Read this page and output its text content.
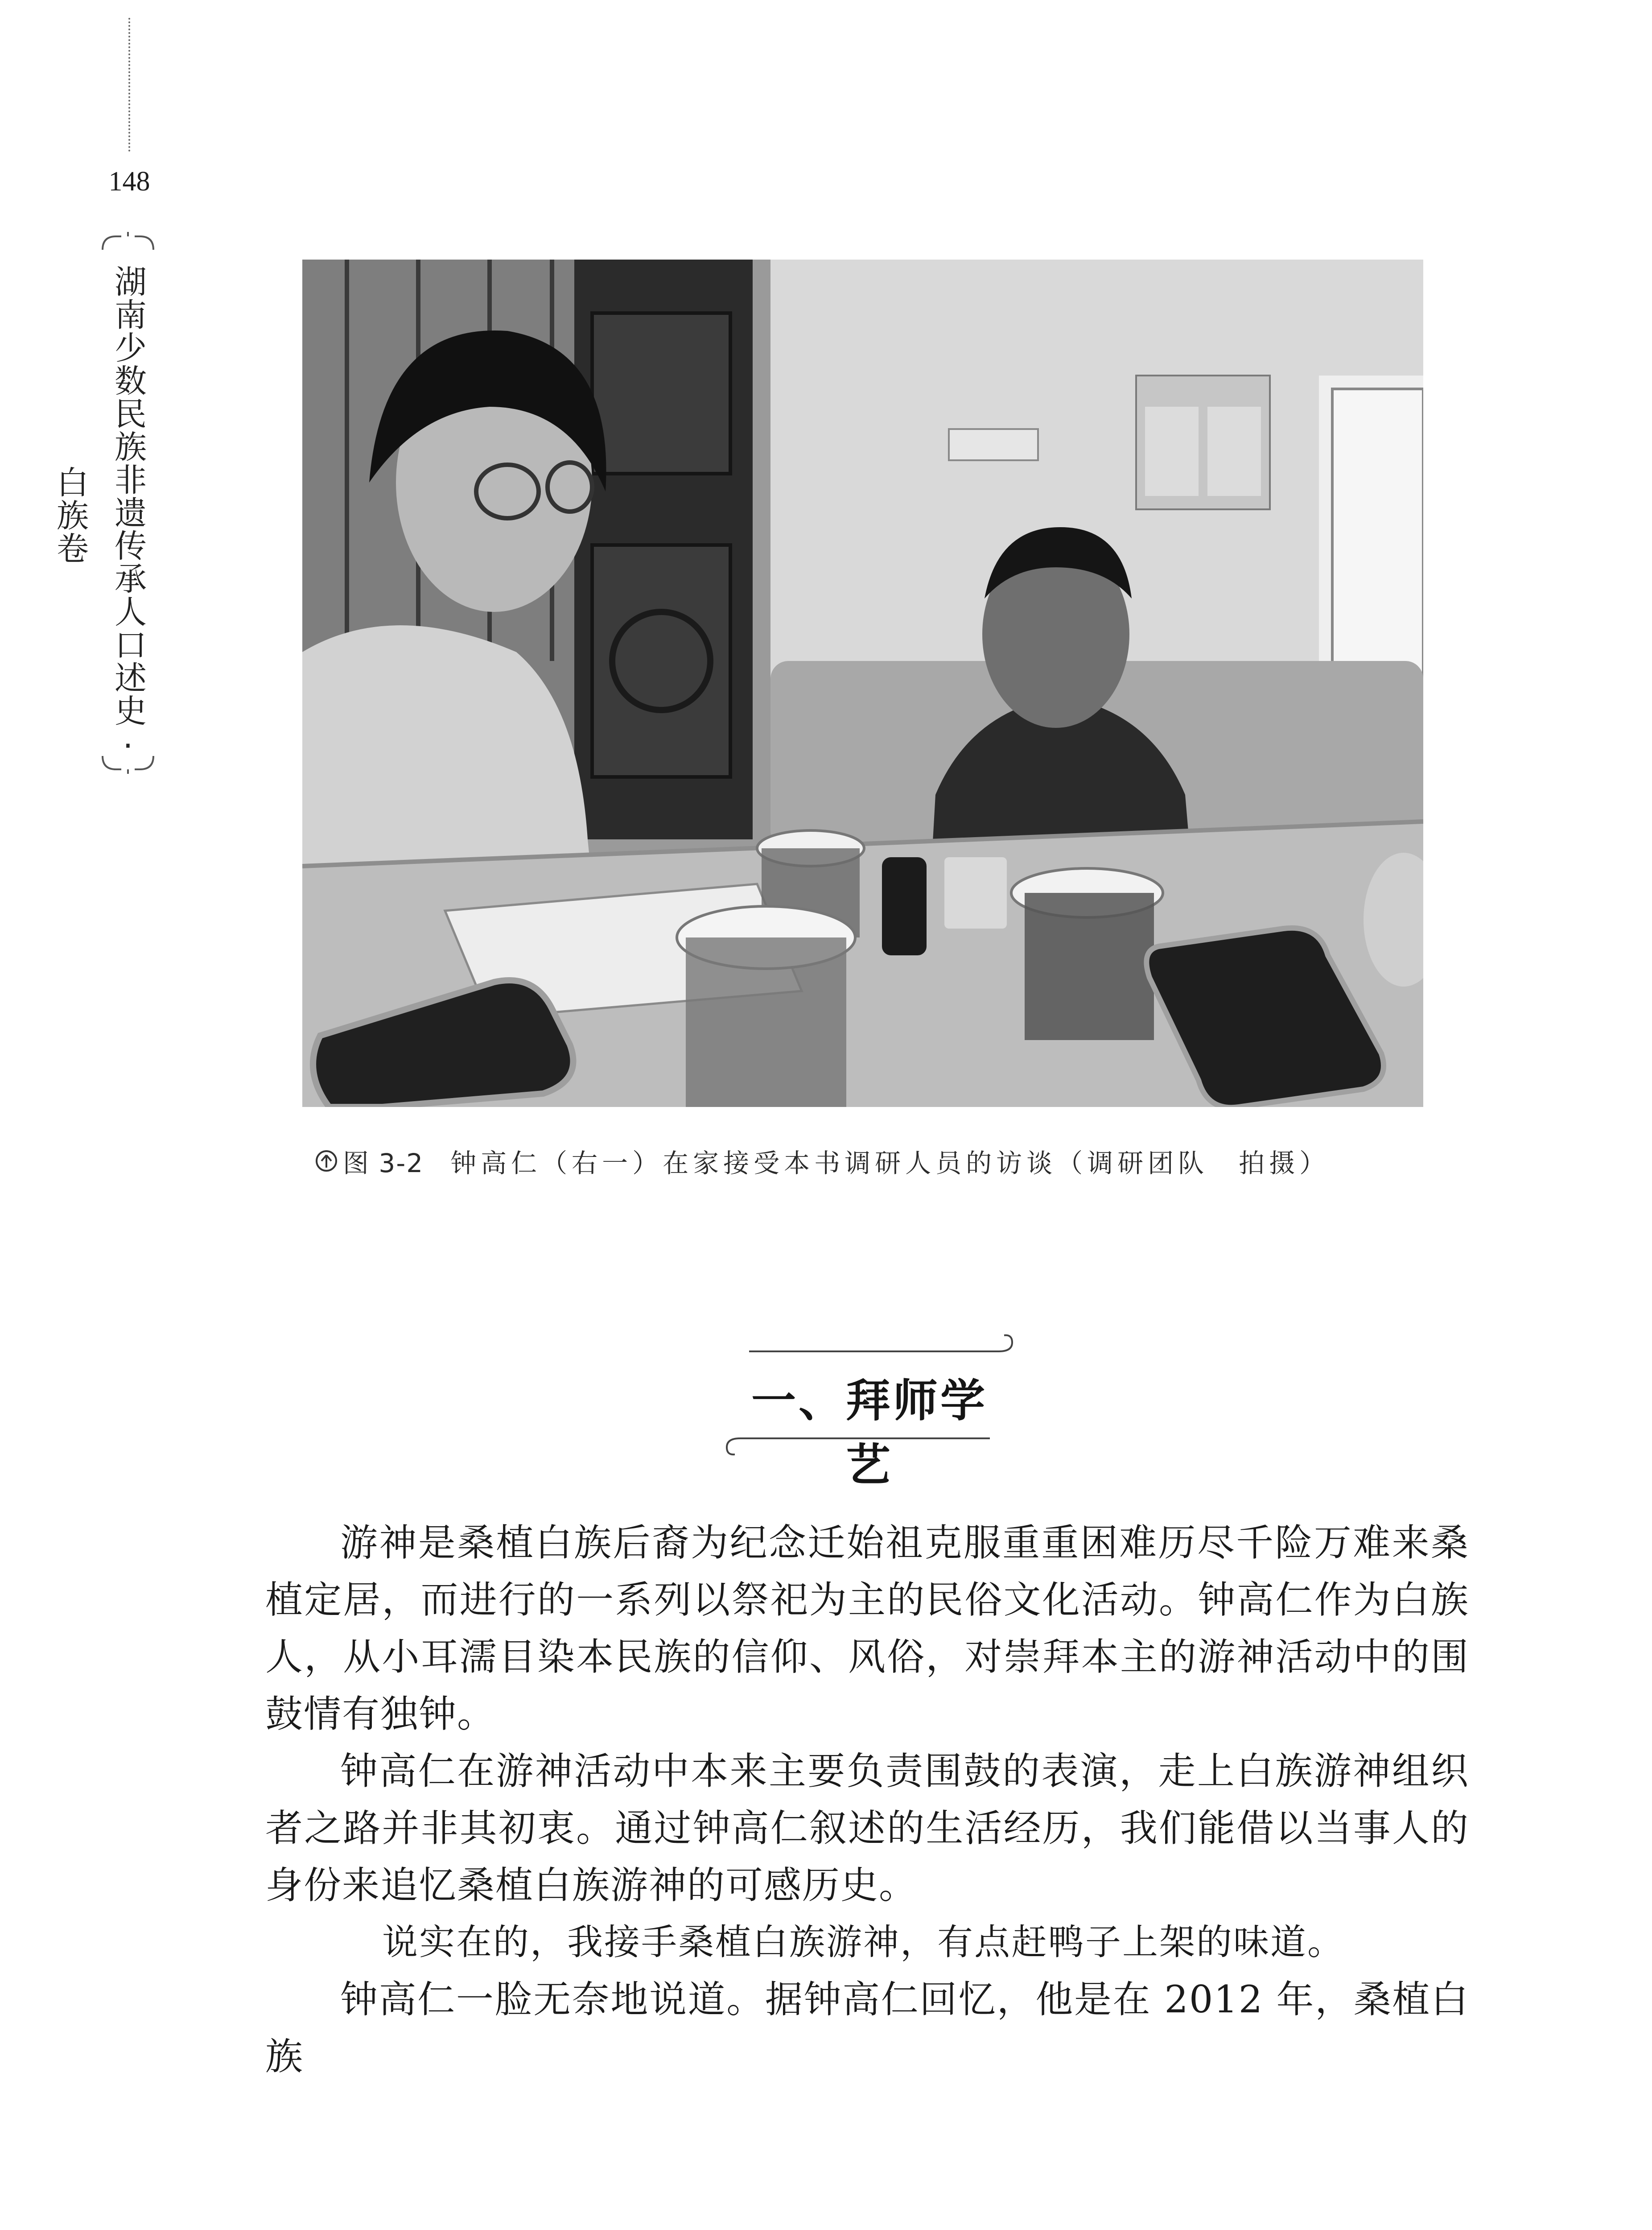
148
湖南少数民族非遗传承人口述史·白族卷
图 3-2 钟高仁（右一）在家接受本书调研人员的访谈（调研团队　拍摄）
一、拜师学艺

游神是桑植白族后裔为纪念迁始祖克服重重困难历尽千险万难来桑植定居，而进行的一系列以祭祀为主的民俗文化活动。钟高仁作为白族人，从小耳濡目染本民族的信仰、风俗，对崇拜本主的游神活动中的围鼓情有独钟。

钟高仁在游神活动中本来主要负责围鼓的表演，走上白族游神组织者之路并非其初衷。通过钟高仁叙述的生活经历，我们能借以当事人的身份来追忆桑植白族游神的可感历史。

说实在的，我接手桑植白族游神，有点赶鸭子上架的味道。

钟高仁一脸无奈地说道。据钟高仁回忆，他是在 2012 年，桑植白族
